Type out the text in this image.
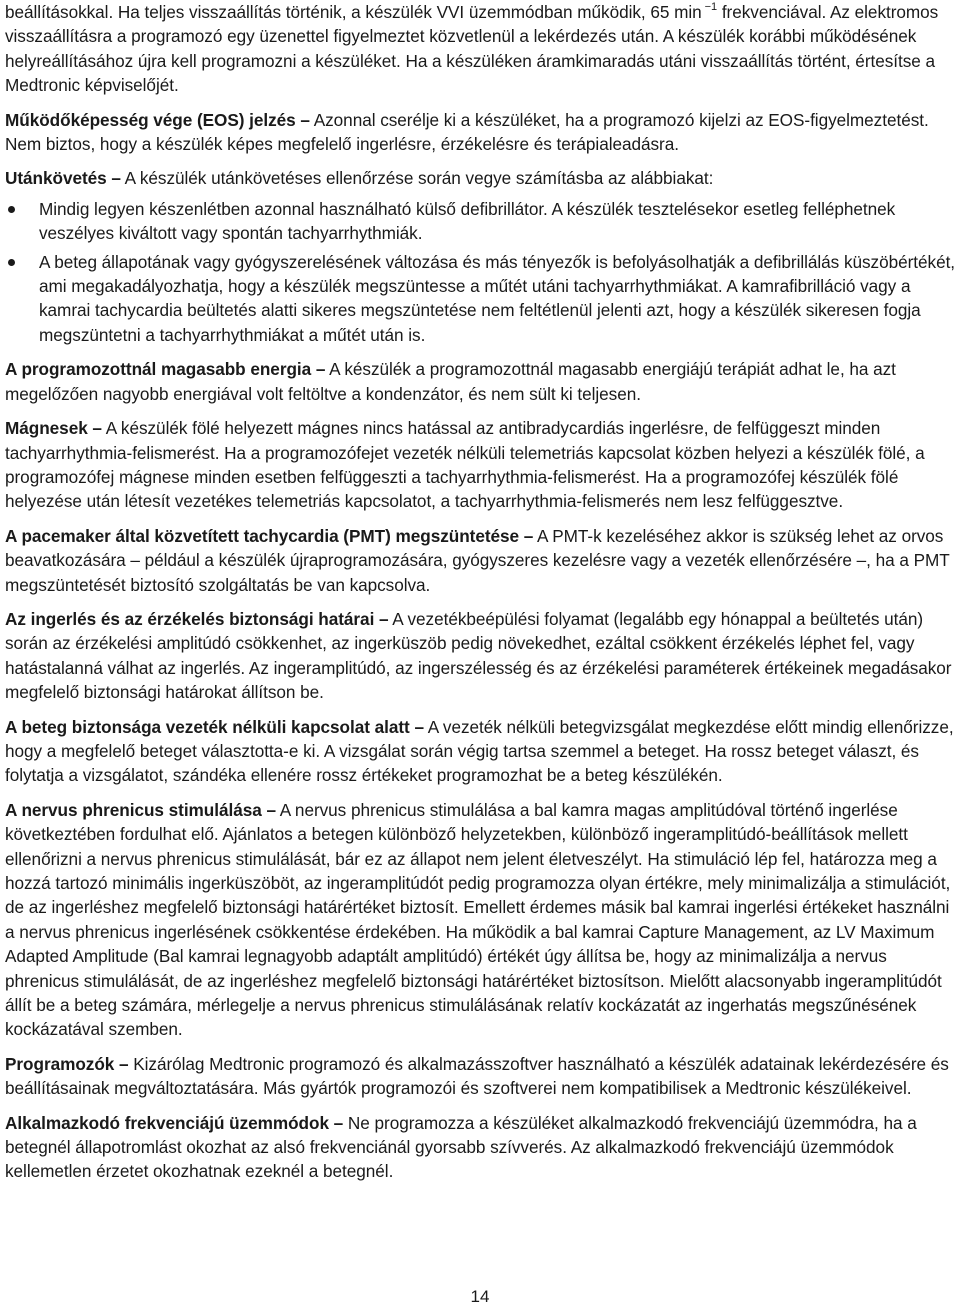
beállításokkal. Ha teljes visszaállítás történik, a készülék VVI üzemmódban működik, 65 min $^{-1}$ frekvenciával. Az elektromos visszaállításra a programozó egy üzenettel figyelmeztet közvetlenül a lekérdezés után. A készülék korábbi működésének helyreállításához újra kell programozni a készüléket. Ha a készüléken áramkimaradás utáni visszaállítás történt, értesítse a Medtronic képviselőjét.

Működőképesség vége (EOS) jelzés – Azonnal cserélje ki a készüléket, ha a programozó kijelzi az EOS-figyelmeztetést. Nem biztos, hogy a készülék képes megfelelő ingerlésre, érzékelésre és terápialeadásra.

Utánkövetés – A készülék utánkövetéses ellenőrzése során vegye számításba az alábbiakat:

Mindig legyen készenlétben azonnal használható külső defibrillátor. A készülék tesztelésekor esetleg felléphetnek veszélyes kiváltott vagy spontán tachyarrhythmiák.
A beteg állapotának vagy gyógyszerelésének változása és más tényezők is befolyásolhatják a defibrillálás küszöbértékét, ami megakadályozhatja, hogy a készülék megszüntesse a műtét utáni tachyarrhythmiákat. A kamrafibrilláció vagy a kamrai tachycardia beültetés alatti sikeres megszüntetése nem feltétlenül jelenti azt, hogy a készülék sikeresen fogja megszüntetni a tachyarrhythmiákat a műtét után is.

A programozottnál magasabb energia – A készülék a programozottnál magasabb energiájú terápiát adhat le, ha azt megelőzően nagyobb energiával volt feltöltve a kondenzátor, és nem sült ki teljesen.

Mágnesek – A készülék fölé helyezett mágnes nincs hatással az antibradycardiás ingerlésre, de felfüggeszt minden tachyarrhythmia-felismerést. Ha a programozófejet vezeték nélküli telemetriás kapcsolat közben helyezi a készülék fölé, a programozófej mágnese minden esetben felfüggeszti a tachyarrhythmia-felismerést. Ha a programozófej készülék fölé helyezése után létesít vezetékes telemetriás kapcsolatot, a tachyarrhythmia-felismerés nem lesz felfüggesztve.

A pacemaker által közvetített tachycardia (PMT) megszüntetése – A PMT-k kezeléséhez akkor is szükség lehet az orvos beavatkozására – például a készülék újraprogramozására, gyógyszeres kezelésre vagy a vezeték ellenőrzésére –, ha a PMT megszüntetését biztosító szolgáltatás be van kapcsolva.

Az ingerlés és az érzékelés biztonsági határai – A vezetékbeépülési folyamat (legalább egy hónappal a beültetés után) során az érzékelési amplitúdó csökkenhet, az ingerküszöb pedig növekedhet, ezáltal csökkent érzékelés léphet fel, vagy hatástalanná válhat az ingerlés. Az ingeramplitúdó, az ingerszélesség és az érzékelési paraméterek értékeinek megadásakor megfelelő biztonsági határokat állítson be.

A beteg biztonsága vezeték nélküli kapcsolat alatt – A vezeték nélküli betegvizsgálat megkezdése előtt mindig ellenőrizze, hogy a megfelelő beteget választotta-e ki. A vizsgálat során végig tartsa szemmel a beteget. Ha rossz beteget választ, és folytatja a vizsgálatot, szándéka ellenére rossz értékeket programozhat be a beteg készülékén.

A nervus phrenicus stimulálása – A nervus phrenicus stimulálása a bal kamra magas amplitúdóval történő ingerlése következtében fordulhat elő. Ajánlatos a betegen különböző helyzetekben, különböző ingeramplitúdó-beállítások mellett ellenőrizni a nervus phrenicus stimulálását, bár ez az állapot nem jelent életveszélyt. Ha stimuláció lép fel, határozza meg a hozzá tartozó minimális ingerküszöböt, az ingeramplitúdót pedig programozza olyan értékre, mely minimalizálja a stimulációt, de az ingerléshez megfelelő biztonsági határértéket biztosít. Emellett érdemes másik bal kamrai ingerlési értékeket használni a nervus phrenicus ingerlésének csökkentése érdekében. Ha működik a bal kamrai Capture Management, az LV Maximum Adapted Amplitude (Bal kamrai legnagyobb adaptált amplitúdó) értékét úgy állítsa be, hogy az minimalizálja a nervus phrenicus stimulálását, de az ingerléshez megfelelő biztonsági határértéket biztosítson. Mielőtt alacsonyabb ingeramplitúdót állít be a beteg számára, mérlegelje a nervus phrenicus stimulálásának relatív kockázatát az ingerhatás megszűnésének kockázatával szemben.

Programozók – Kizárólag Medtronic programozó és alkalmazásszoftver használható a készülék adatainak lekérdezésére és beállításainak megváltoztatására. Más gyártók programozói és szoftverei nem kompatibilisek a Medtronic készülékeivel.

Alkalmazkodó frekvenciájú üzemmódok – Ne programozza a készüléket alkalmazkodó frekvenciájú üzemmódra, ha a betegnél állapotromlást okozhat az alsó frekvenciánál gyorsabb szívverés. Az alkalmazkodó frekvenciájú üzemmódok kellemetlen érzetet okozhatnak ezeknél a betegnél.

14
